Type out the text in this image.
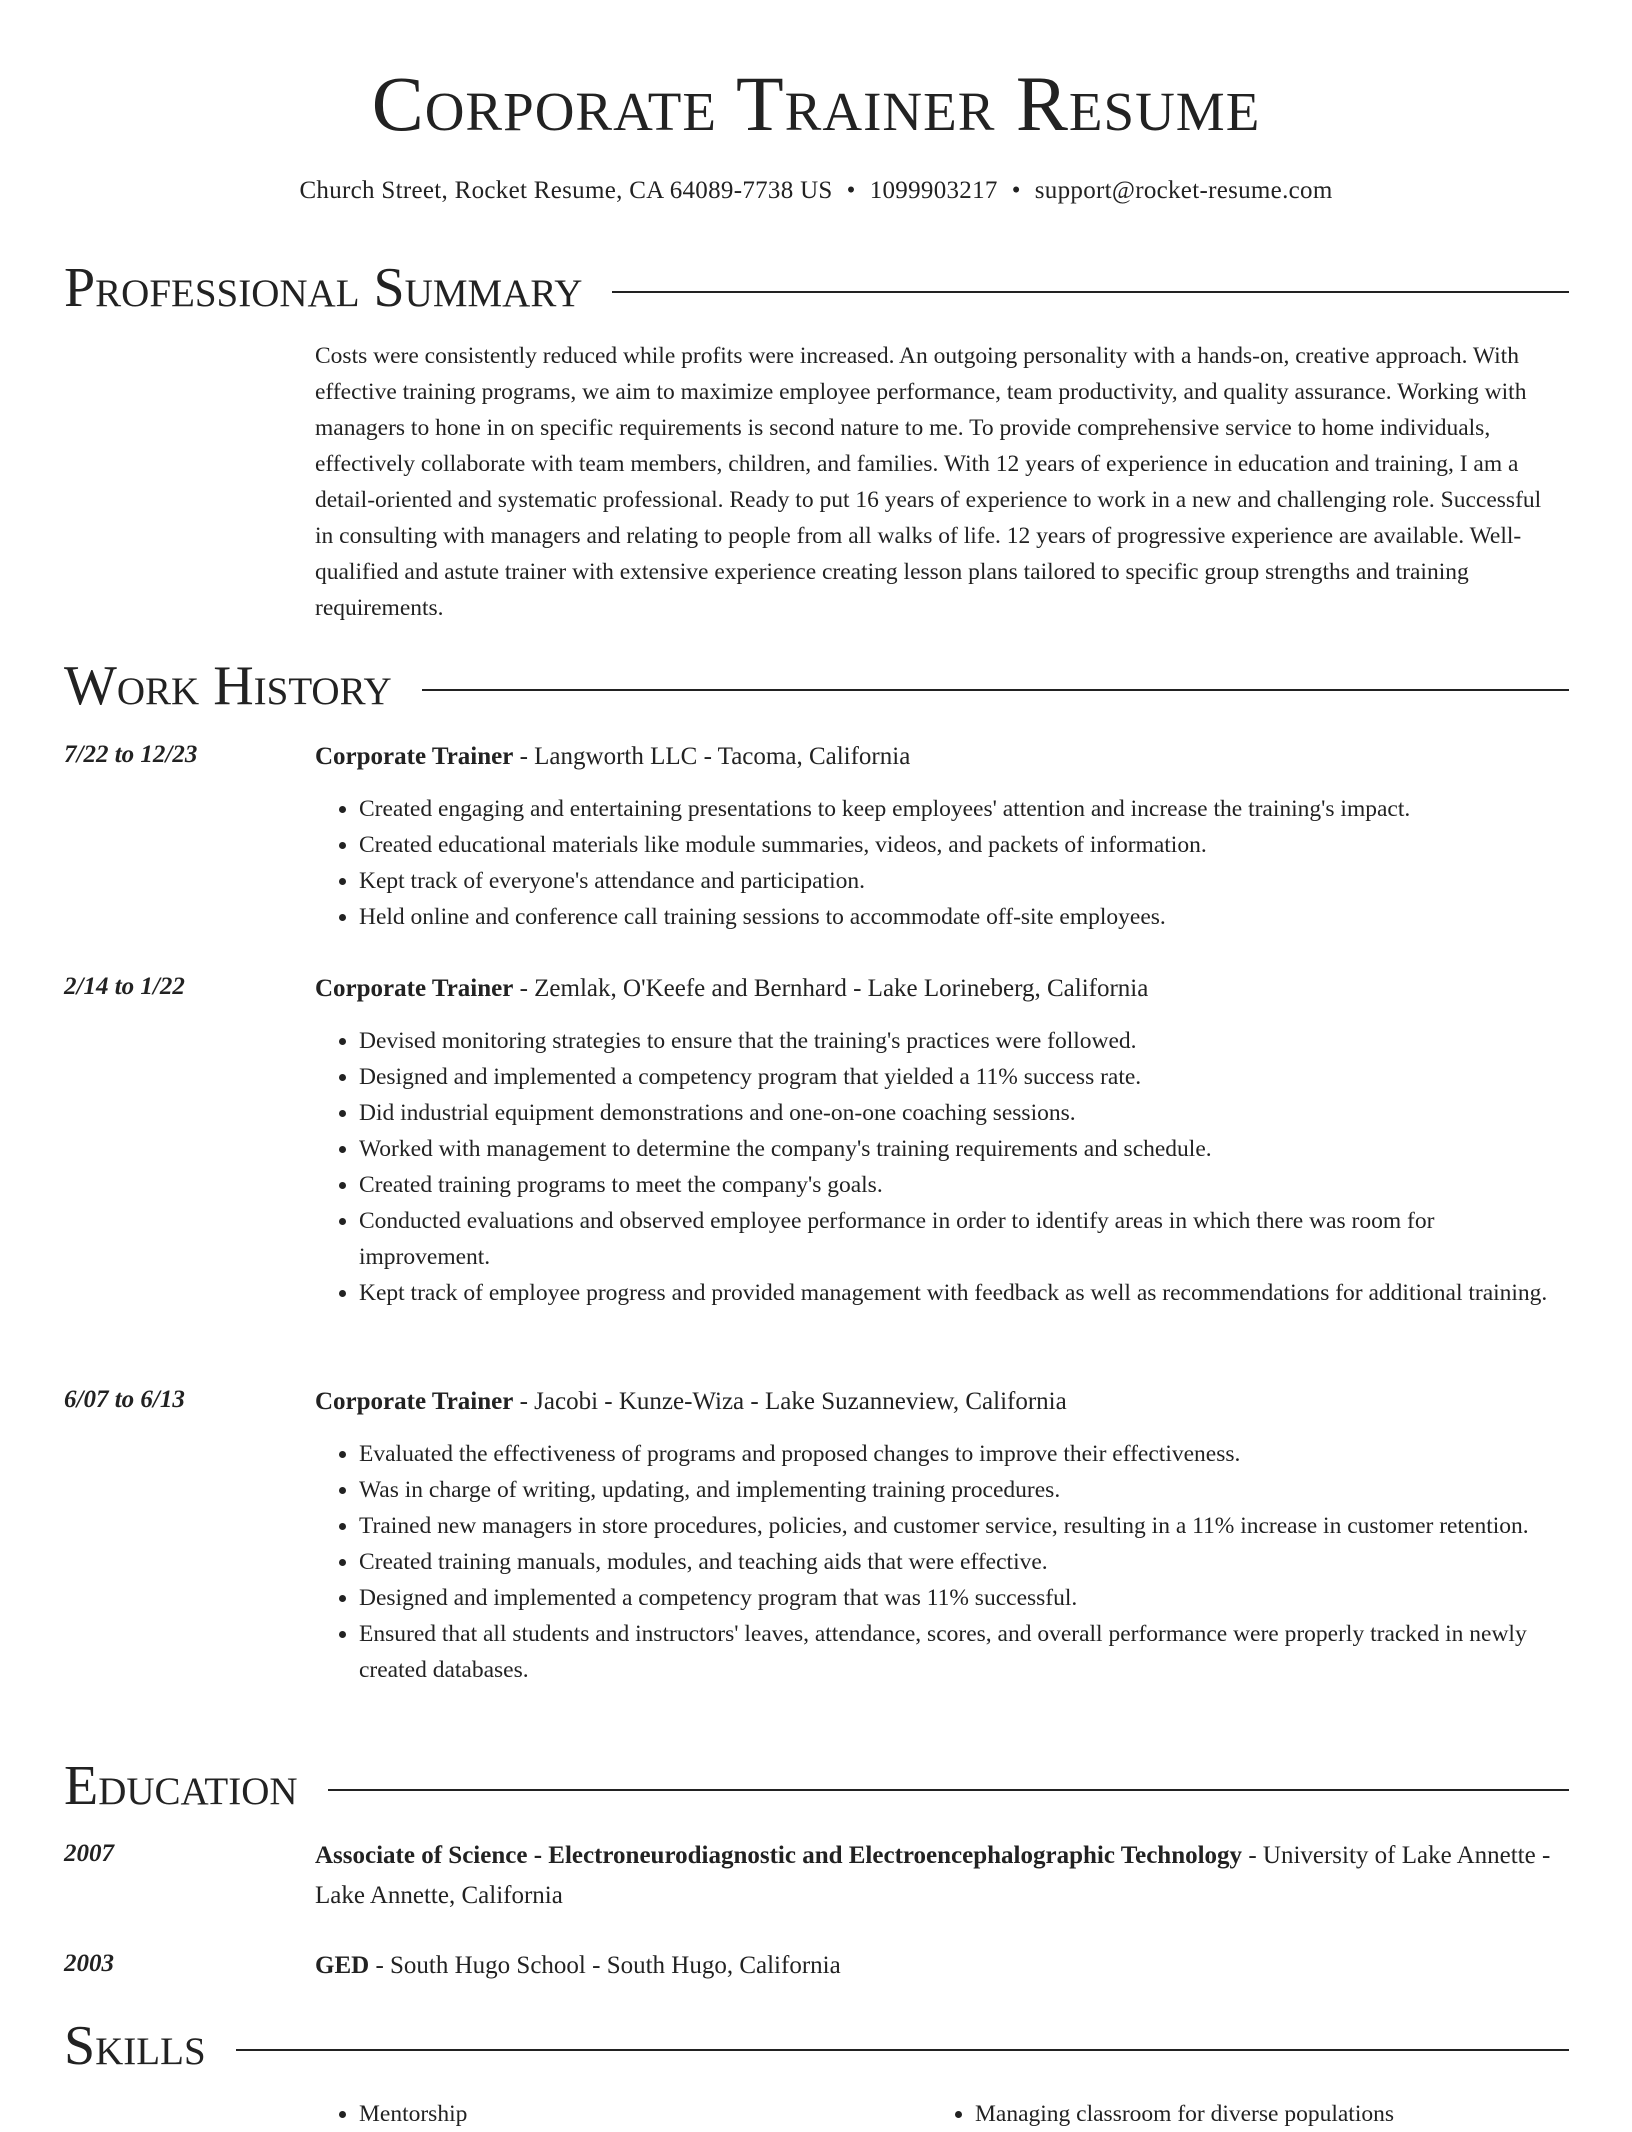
Corporate Trainer Resume
Church Street, Rocket Resume, CA 64089-7738 US • 1099903217 • support@rocket-resume.com
Professional Summary

Costs were consistently reduced while profits were increased. An outgoing personality with a hands-on, creative approach. With effective training programs, we aim to maximize employee performance, team productivity, and quality assurance. Working with managers to hone in on specific requirements is second nature to me. To provide comprehensive service to home individuals, effectively collaborate with team members, children, and families. With 12 years of experience in education and training, I am a detail-oriented and systematic professional. Ready to put 16 years of experience to work in a new and challenging role. Successful in consulting with managers and relating to people from all walks of life. 12 years of progressive experience are available. Well-qualified and astute trainer with extensive experience creating lesson plans tailored to specific group strengths and training requirements.

Work History
7/22 to 12/23	Corporate Trainer - Langworth LLC - Tacoma, California
• Created engaging and entertaining presentations to keep employees' attention and increase the training's impact.
• Created educational materials like module summaries, videos, and packets of information.
• Kept track of everyone's attendance and participation.
• Held online and conference call training sessions to accommodate off-site employees.
2/14 to 1/22	Corporate Trainer - Zemlak, O'Keefe and Bernhard - Lake Lorineberg, California
• Devised monitoring strategies to ensure that the training's practices were followed.
• Designed and implemented a competency program that yielded a 11% success rate.
• Did industrial equipment demonstrations and one-on-one coaching sessions.
• Worked with management to determine the company's training requirements and schedule.
• Created training programs to meet the company's goals.
• Conducted evaluations and observed employee performance in order to identify areas in which there was room for improvement.
• Kept track of employee progress and provided management with feedback as well as recommendations for additional training.
6/07 to 6/13	Corporate Trainer - Jacobi - Kunze-Wiza - Lake Suzanneview, California
• Evaluated the effectiveness of programs and proposed changes to improve their effectiveness.
• Was in charge of writing, updating, and implementing training procedures.
• Trained new managers in store procedures, policies, and customer service, resulting in a 11% increase in customer retention.
• Created training manuals, modules, and teaching aids that were effective.
• Designed and implemented a competency program that was 11% successful.
• Ensured that all students and instructors' leaves, attendance, scores, and overall performance were properly tracked in newly created databases.
Education
2007	Associate of Science - Electroneurodiagnostic and Electroencephalographic Technology - University of Lake Annette - Lake Annette, California
2003	GED - South Hugo School - South Hugo, California
Skills
• Mentorship
•	Managing classroom for diverse populations
